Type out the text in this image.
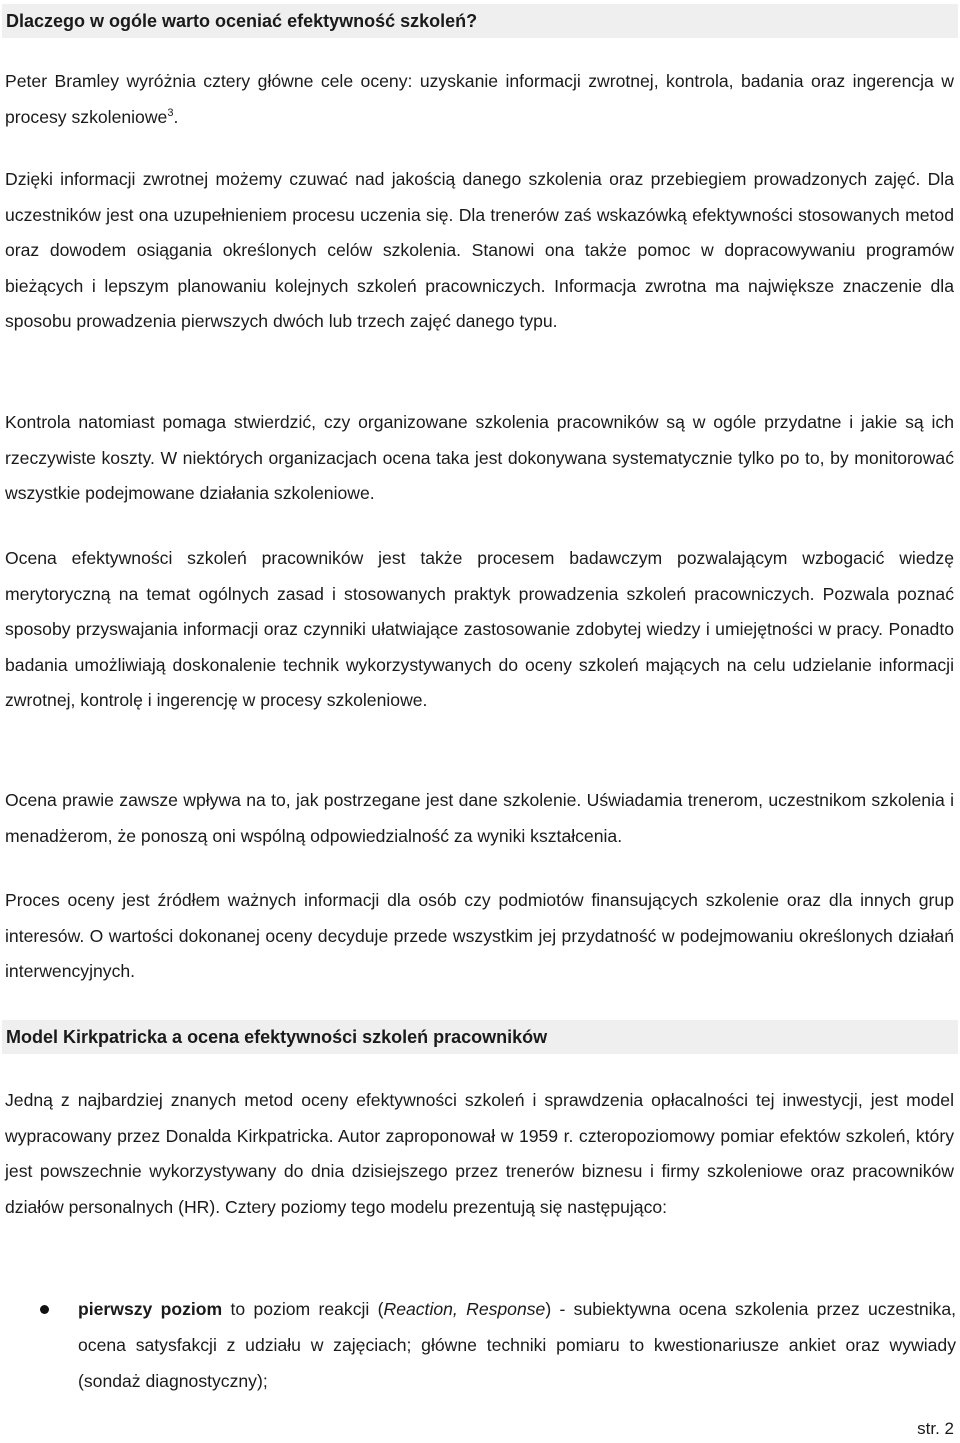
Dlaczego w ogóle warto oceniać efektywność szkoleń?

Peter Bramley wyróżnia cztery główne cele oceny: uzyskanie informacji zwrotnej, kontrola, badania oraz ingerencja w procesy szkoleniowe$^3$.

Dzięki informacji zwrotnej możemy czuwać nad jakością danego szkolenia oraz przebiegiem prowadzonych zajęć. Dla uczestników jest ona uzupełnieniem procesu uczenia się. Dla trenerów zaś wskazówką efektywności stosowanych metod oraz dowodem osiągania określonych celów szkolenia. Stanowi ona także pomoc w dopracowywaniu programów bieżących i lepszym planowaniu kolejnych szkoleń pracowniczych. Informacja zwrotna ma największe znaczenie dla sposobu prowadzenia pierwszych dwóch lub trzech zajęć danego typu.

Kontrola natomiast pomaga stwierdzić, czy organizowane szkolenia pracowników są w ogóle przydatne i jakie są ich rzeczywiste koszty. W niektórych organizacjach ocena taka jest dokonywana systematycznie tylko po to, by monitorować wszystkie podejmowane działania szkoleniowe.

Ocena efektywności szkoleń pracowników jest także procesem badawczym pozwalającym wzbogacić wiedzę merytoryczną na temat ogólnych zasad i stosowanych praktyk prowadzenia szkoleń pracowniczych. Pozwala poznać sposoby przyswajania informacji oraz czynniki ułatwiające zastosowanie zdobytej wiedzy i umiejętności w pracy. Ponadto badania umożliwiają doskonalenie technik wykorzystywanych do oceny szkoleń mających na celu udzielanie informacji zwrotnej, kontrolę i ingerencję w procesy szkoleniowe.

Ocena prawie zawsze wpływa na to, jak postrzegane jest dane szkolenie. Uświadamia trenerom, uczestnikom szkolenia i menadżerom, że ponoszą oni wspólną odpowiedzialność za wyniki kształcenia.

Proces oceny jest źródłem ważnych informacji dla osób czy podmiotów finansujących szkolenie oraz dla innych grup interesów. O wartości dokonanej oceny decyduje przede wszystkim jej przydatność w podejmowaniu określonych działań interwencyjnych.

Model Kirkpatricka a ocena efektywności szkoleń pracowników

Jedną z najbardziej znanych metod oceny efektywności szkoleń i sprawdzenia opłacalności tej inwestycji, jest model wypracowany przez Donalda Kirkpatricka. Autor zaproponował w 1959 r. czteropoziomowy pomiar efektów szkoleń, który jest powszechnie wykorzystywany do dnia dzisiejszego przez trenerów biznesu i firmy szkoleniowe oraz pracowników działów personalnych (HR). Cztery poziomy tego modelu prezentują się następująco:

pierwszy poziom to poziom reakcji (Reaction, Response) - subiektywna ocena szkolenia przez uczestnika, ocena satysfakcji z udziału w zajęciach; główne techniki pomiaru to kwestionariusze ankiet oraz wywiady (sondaż diagnostyczny);

str. 2
